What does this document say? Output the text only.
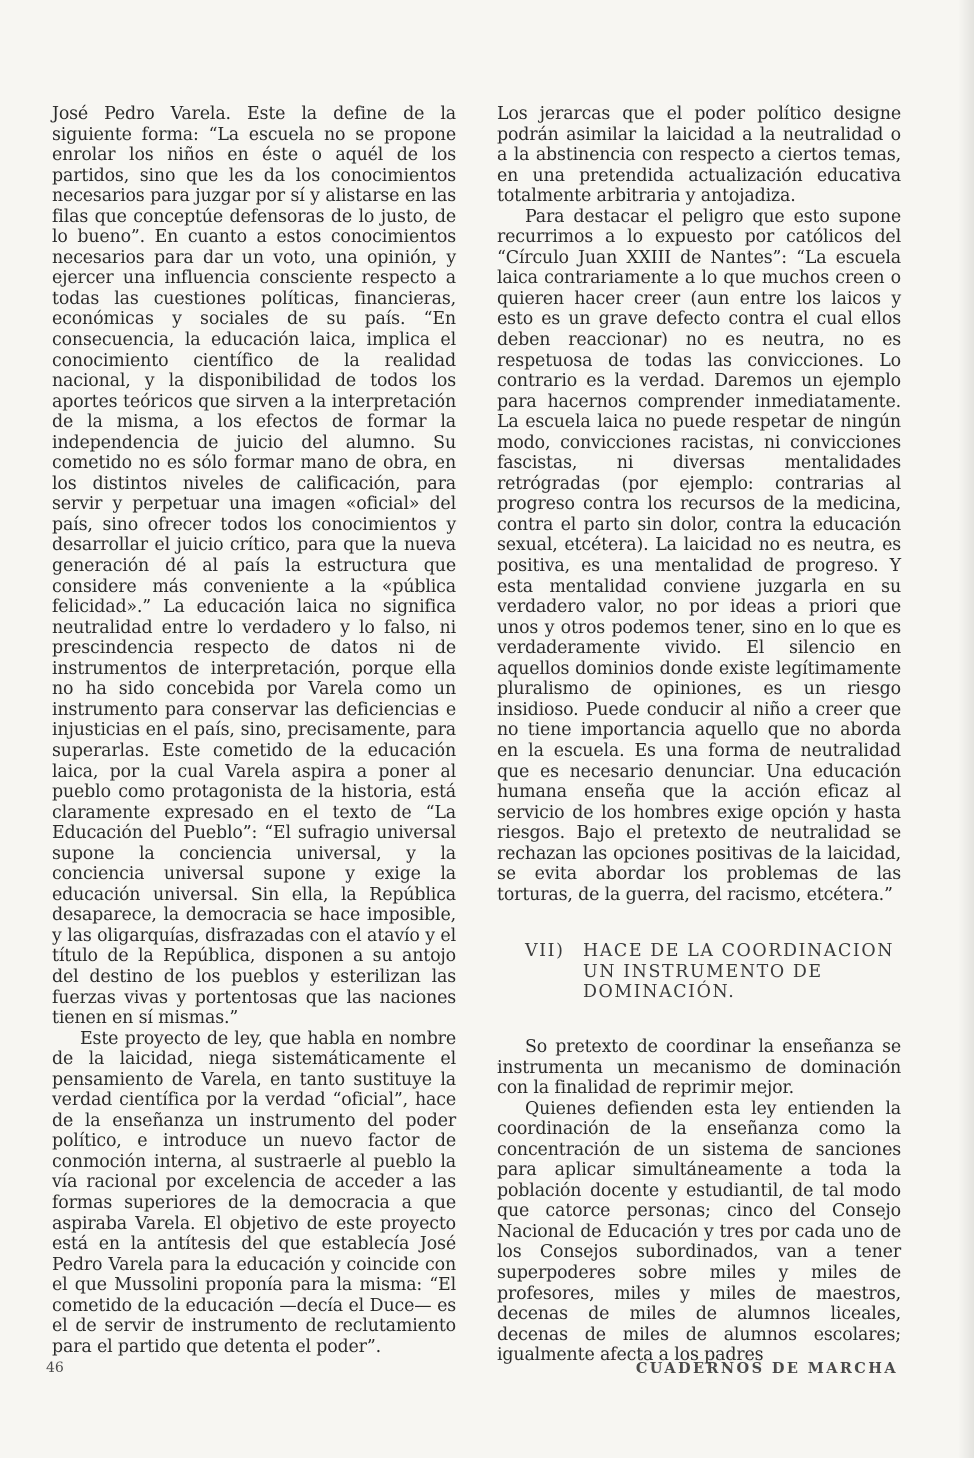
José Pedro Varela. Este la define de la siguiente forma: “La escuela no se propone enrolar los niños en éste o aquél de los partidos, sino que les da los conocimientos necesarios para juzgar por sí y alistarse en las filas que conceptúe defensoras de lo justo, de lo bueno”. En cuanto a estos conocimientos necesarios para dar un voto, una opinión, y ejercer una influencia consciente respecto a todas las cuestiones políticas, financieras, económicas y sociales de su país. “En consecuencia, la educación laica, implica el conocimiento científico de la realidad nacional, y la disponibilidad de todos los aportes teóricos que sirven a la interpretación de la misma, a los efectos de formar la independencia de juicio del alumno. Su cometido no es sólo formar mano de obra, en los distintos niveles de calificación, para servir y perpetuar una imagen «oficial» del país, sino ofrecer todos los conocimientos y desarrollar el juicio crítico, para que la nueva generación dé al país la estructura que considere más conveniente a la «pública felicidad».” La educación laica no significa neutralidad entre lo verdadero y lo falso, ni prescindencia respecto de datos ni de instrumentos de interpretación, porque ella no ha sido concebida por Varela como un instrumento para conservar las deficiencias e injusticias en el país, sino, precisamente, para superarlas. Este cometido de la educación laica, por la cual Varela aspira a poner al pueblo como protagonista de la historia, está claramente expresado en el texto de “La Educación del Pueblo”: “El sufragio universal supone la conciencia universal, y la conciencia universal supone y exige la educación universal. Sin ella, la República desaparece, la democracia se hace imposible, y las oligarquías, disfrazadas con el atavío y el título de la República, disponen a su antojo del destino de los pueblos y esterilizan las fuerzas vivas y portentosas que las naciones tienen en sí mismas.”

Este proyecto de ley, que habla en nombre de la laicidad, niega sistemáticamente el pensamiento de Varela, en tanto sustituye la verdad científica por la verdad “oficial”, hace de la enseñanza un instrumento del poder político, e introduce un nuevo factor de conmoción interna, al sustraerle al pueblo la vía racional por excelencia de acceder a las formas superiores de la democracia a que aspiraba Varela. El objetivo de este proyecto está en la antítesis del que establecía José Pedro Varela para la educación y coincide con el que Mussolini proponía para la misma: “El cometido de la educación —decía el Duce— es el de servir de instrumento de reclutamiento para el partido que detenta el poder”.

Los jerarcas que el poder político designe podrán asimilar la laicidad a la neutralidad o a la abstinencia con respecto a ciertos temas, en una pretendida actualización educativa totalmente arbitraria y antojadiza.

Para destacar el peligro que esto supone recurrimos a lo expuesto por católicos del “Círculo Juan XXIII de Nantes”: “La escuela laica contrariamente a lo que muchos creen o quieren hacer creer (aun entre los laicos y esto es un grave defecto contra el cual ellos deben reaccionar) no es neutra, no es respetuosa de todas las convicciones. Lo contrario es la verdad. Daremos un ejemplo para hacernos comprender inmediatamente. La escuela laica no puede respetar de ningún modo, convicciones racistas, ni convicciones fascistas, ni diversas mentalidades retrógradas (por ejemplo: contrarias al progreso contra los recursos de la medicina, contra el parto sin dolor, contra la educación sexual, etcétera). La laicidad no es neutra, es positiva, es una mentalidad de progreso. Y esta mentalidad conviene juzgarla en su verdadero valor, no por ideas a priori que unos y otros podemos tener, sino en lo que es verdaderamente vivido. El silencio en aquellos dominios donde existe legítimamente pluralismo de opiniones, es un riesgo insidioso. Puede conducir al niño a creer que no tiene importancia aquello que no aborda en la escuela. Es una forma de neutralidad que es necesario denunciar. Una educación humana enseña que la acción eficaz al servicio de los hombres exige opción y hasta riesgos. Bajo el pretexto de neutralidad se rechazan las opciones positivas de la laicidad, se evita abordar los problemas de las torturas, de la guerra, del racismo, etcétera.”

VII)	HACE DE LA COORDINACION UN INSTRUMENTO DE DOMINACIÓN.

So pretexto de coordinar la enseñanza se instrumenta un mecanismo de dominación con la finalidad de reprimir mejor.

Quienes defienden esta ley entienden la coordinación de la enseñanza como la concentración de un sistema de sanciones para aplicar simultáneamente a toda la población docente y estudiantil, de tal modo que catorce personas; cinco del Consejo Nacional de Educación y tres por cada uno de los Consejos subordinados, van a tener superpoderes sobre miles y miles de profesores, miles y miles de maestros, decenas de miles de alumnos liceales, decenas de miles de alumnos escolares; igualmente afecta a los padres

46	CUADERNOS DE MARCHA
